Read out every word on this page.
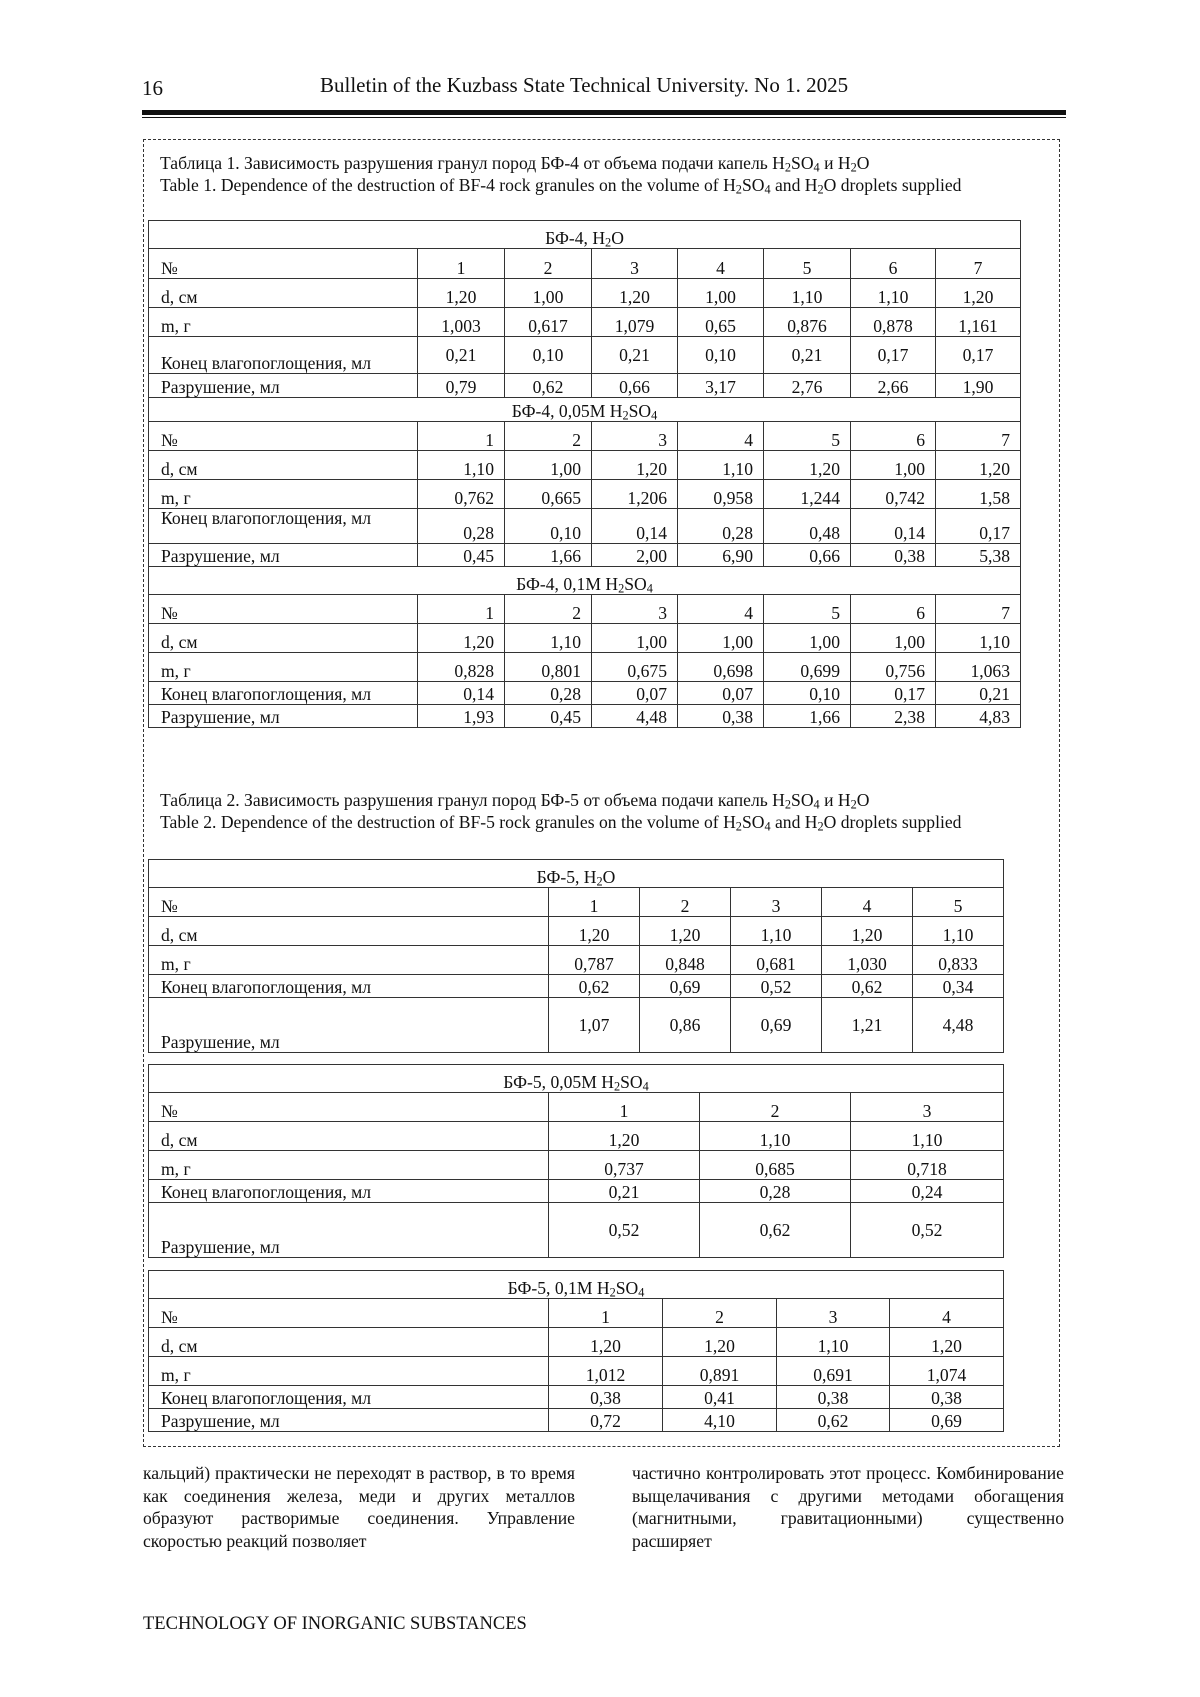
16	Bulletin of the Kuzbass State Technical University. No 1. 2025

Таблица 1. Зависимость разрушения гранул пород БФ-4 от объема подачи капель $H_2SO_4$ и $H_2O$

Table 1. Dependence of the destruction of BF-4 rock granules on the volume of $H_2SO_4$ and $H_2O$ droplets supplied

БФ-4, $H_2O$							
№	1	2	3	4	5	6	7
d, см	1,20	1,00	1,20	1,00	1,10	1,10	1,20
m, г	1,003	0,617	1,079	0,65	0,876	0,878	1,161
Конец влагопоглощения, мл	0,21	0,10	0,21	0,10	0,21	0,17	0,17
Разрушение, мл	0,79	0,62	0,66	3,17	2,76	2,66	1,90
БФ-4, 0,05M $H_2SO_4$
№	1	2	3	4	5	6	7
d, см	1,10	1,00	1,20	1,10	1,20	1,00	1,20
m, г	0,762	0,665	1,206	0,958	1,244	0,742	1,58
Конец влагопоглощения, мл	0,28	0,10	0,14	0,28	0,48	0,14	0,17
Разрушение, мл	0,45	1,66	2,00	6,90	0,66	0,38	5,38
БФ-4, 0,1M $H_2SO_4$
№	1	2	3	4	5	6	7
d, см	1,20	1,10	1,00	1,00	1,00	1,00	1,10
m, г	0,828	0,801	0,675	0,698	0,699	0,756	1,063
Конец влагопоглощения, мл	0,14	0,28	0,07	0,07	0,10	0,17	0,21
Разрушение, мл	1,93	0,45	4,48	0,38	1,66	2,38	4,83

Таблица 2. Зависимость разрушения гранул пород БФ-5 от объема подачи капель $H_2SO_4$ и $H_2O$

Table 2. Dependence of the destruction of BF-5 rock granules on the volume of $H_2SO_4$ and $H_2O$ droplets supplied

БФ-5, $H_2O$					
№	1	2	3	4	5
d, см	1,20	1,20	1,10	1,20	1,10
m, г	0,787	0,848	0,681	1,030	0,833
Конец влагопоглощения, мл	0,62	0,69	0,52	0,62	0,34
Разрушение, мл	1,07	0,86	0,69	1,21	4,48
БФ-5, 0,05M $H_2SO_4$
№	1	2	3
d, см	1,20	1,10	1,10
m, г	0,737	0,685	0,718
Конец влагопоглощения, мл	0,21	0,28	0,24
Разрушение, мл	0,52	0,62	0,52
БФ-5, 0,1M $H_2SO_4$
№	1	2	3	4
d, см	1,20	1,20	1,10	1,20
m, г	1,012	0,891	0,691	1,074
Конец влагопоглощения, мл	0,38	0,41	0,38	0,38
Разрушение, мл	0,72	4,10	0,62	0,69

кальций) практически не переходят в раствор, в то время как соединения железа, меди и других металлов образуют растворимые соединения. Управление скоростью реакций позволяет

частично контролировать этот процесс. Комбинирование выщелачивания с другими методами обогащения (магнитными, гравитационными) существенно расширяет

TECHNOLOGY OF INORGANIC SUBSTANCES
